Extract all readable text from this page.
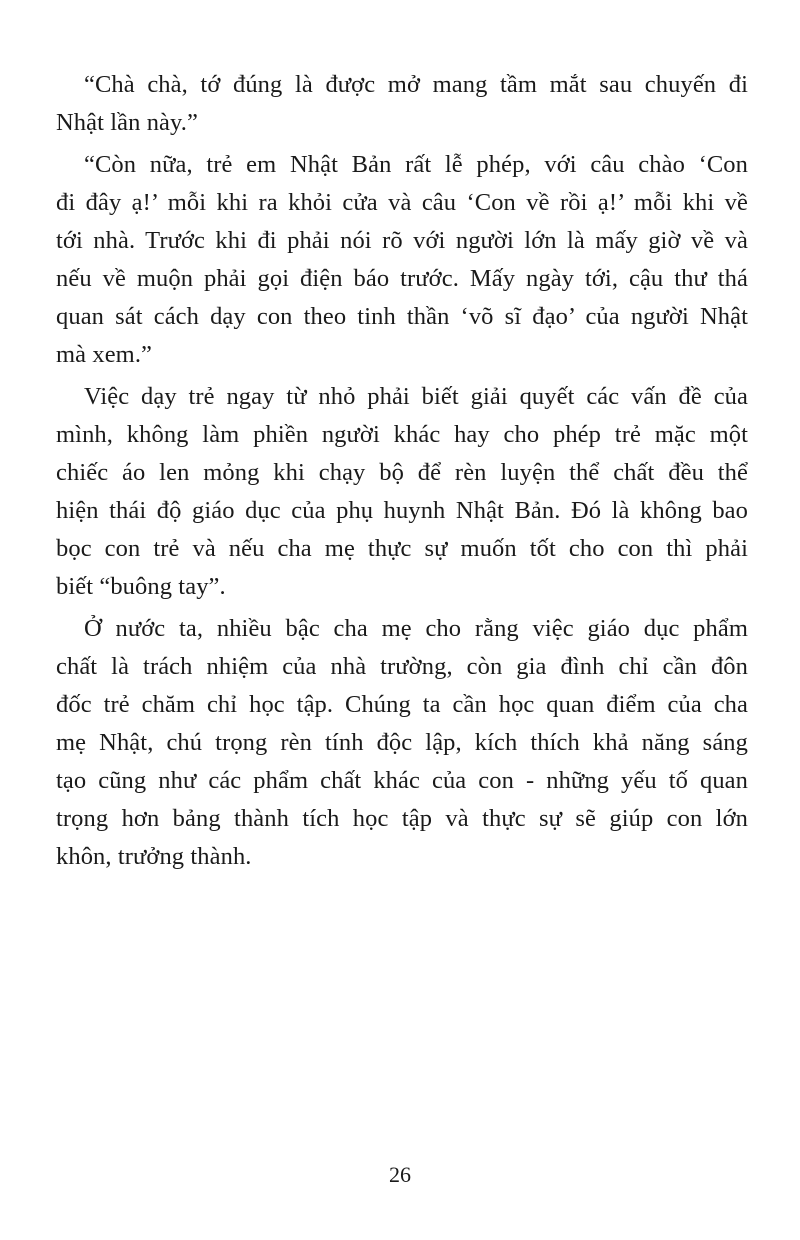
“Chà chà, tớ đúng là được mở mang tầm mắt sau chuyến đi
Nhật lần này.”
“Còn nữa, trẻ em Nhật Bản rất lễ phép, với câu chào ‘Con
đi đây ạ!’ mỗi khi ra khỏi cửa và câu ‘Con về rồi ạ!’ mỗi khi về
tới nhà. Trước khi đi phải nói rõ với người lớn là mấy giờ về và
nếu về muộn phải gọi điện báo trước. Mấy ngày tới, cậu thư thá
quan sát cách dạy con theo tinh thần ‘võ sĩ đạo’ của người Nhật
mà xem.”
Việc dạy trẻ ngay từ nhỏ phải biết giải quyết các vấn đề của
mình, không làm phiền người khác hay cho phép trẻ mặc một
chiếc áo len mỏng khi chạy bộ để rèn luyện thể chất đều thể
hiện thái độ giáo dục của phụ huynh Nhật Bản. Đó là không bao
bọc con trẻ và nếu cha mẹ thực sự muốn tốt cho con thì phải
biết “buông tay”.
Ở nước ta, nhiều bậc cha mẹ cho rằng việc giáo dục phẩm
chất là trách nhiệm của nhà trường, còn gia đình chỉ cần đôn
đốc trẻ chăm chỉ học tập. Chúng ta cần học quan điểm của cha
mẹ Nhật, chú trọng rèn tính độc lập, kích thích khả năng sáng
tạo cũng như các phẩm chất khác của con - những yếu tố quan
trọng hơn bảng thành tích học tập và thực sự sẽ giúp con lớn
khôn, trưởng thành.
26
